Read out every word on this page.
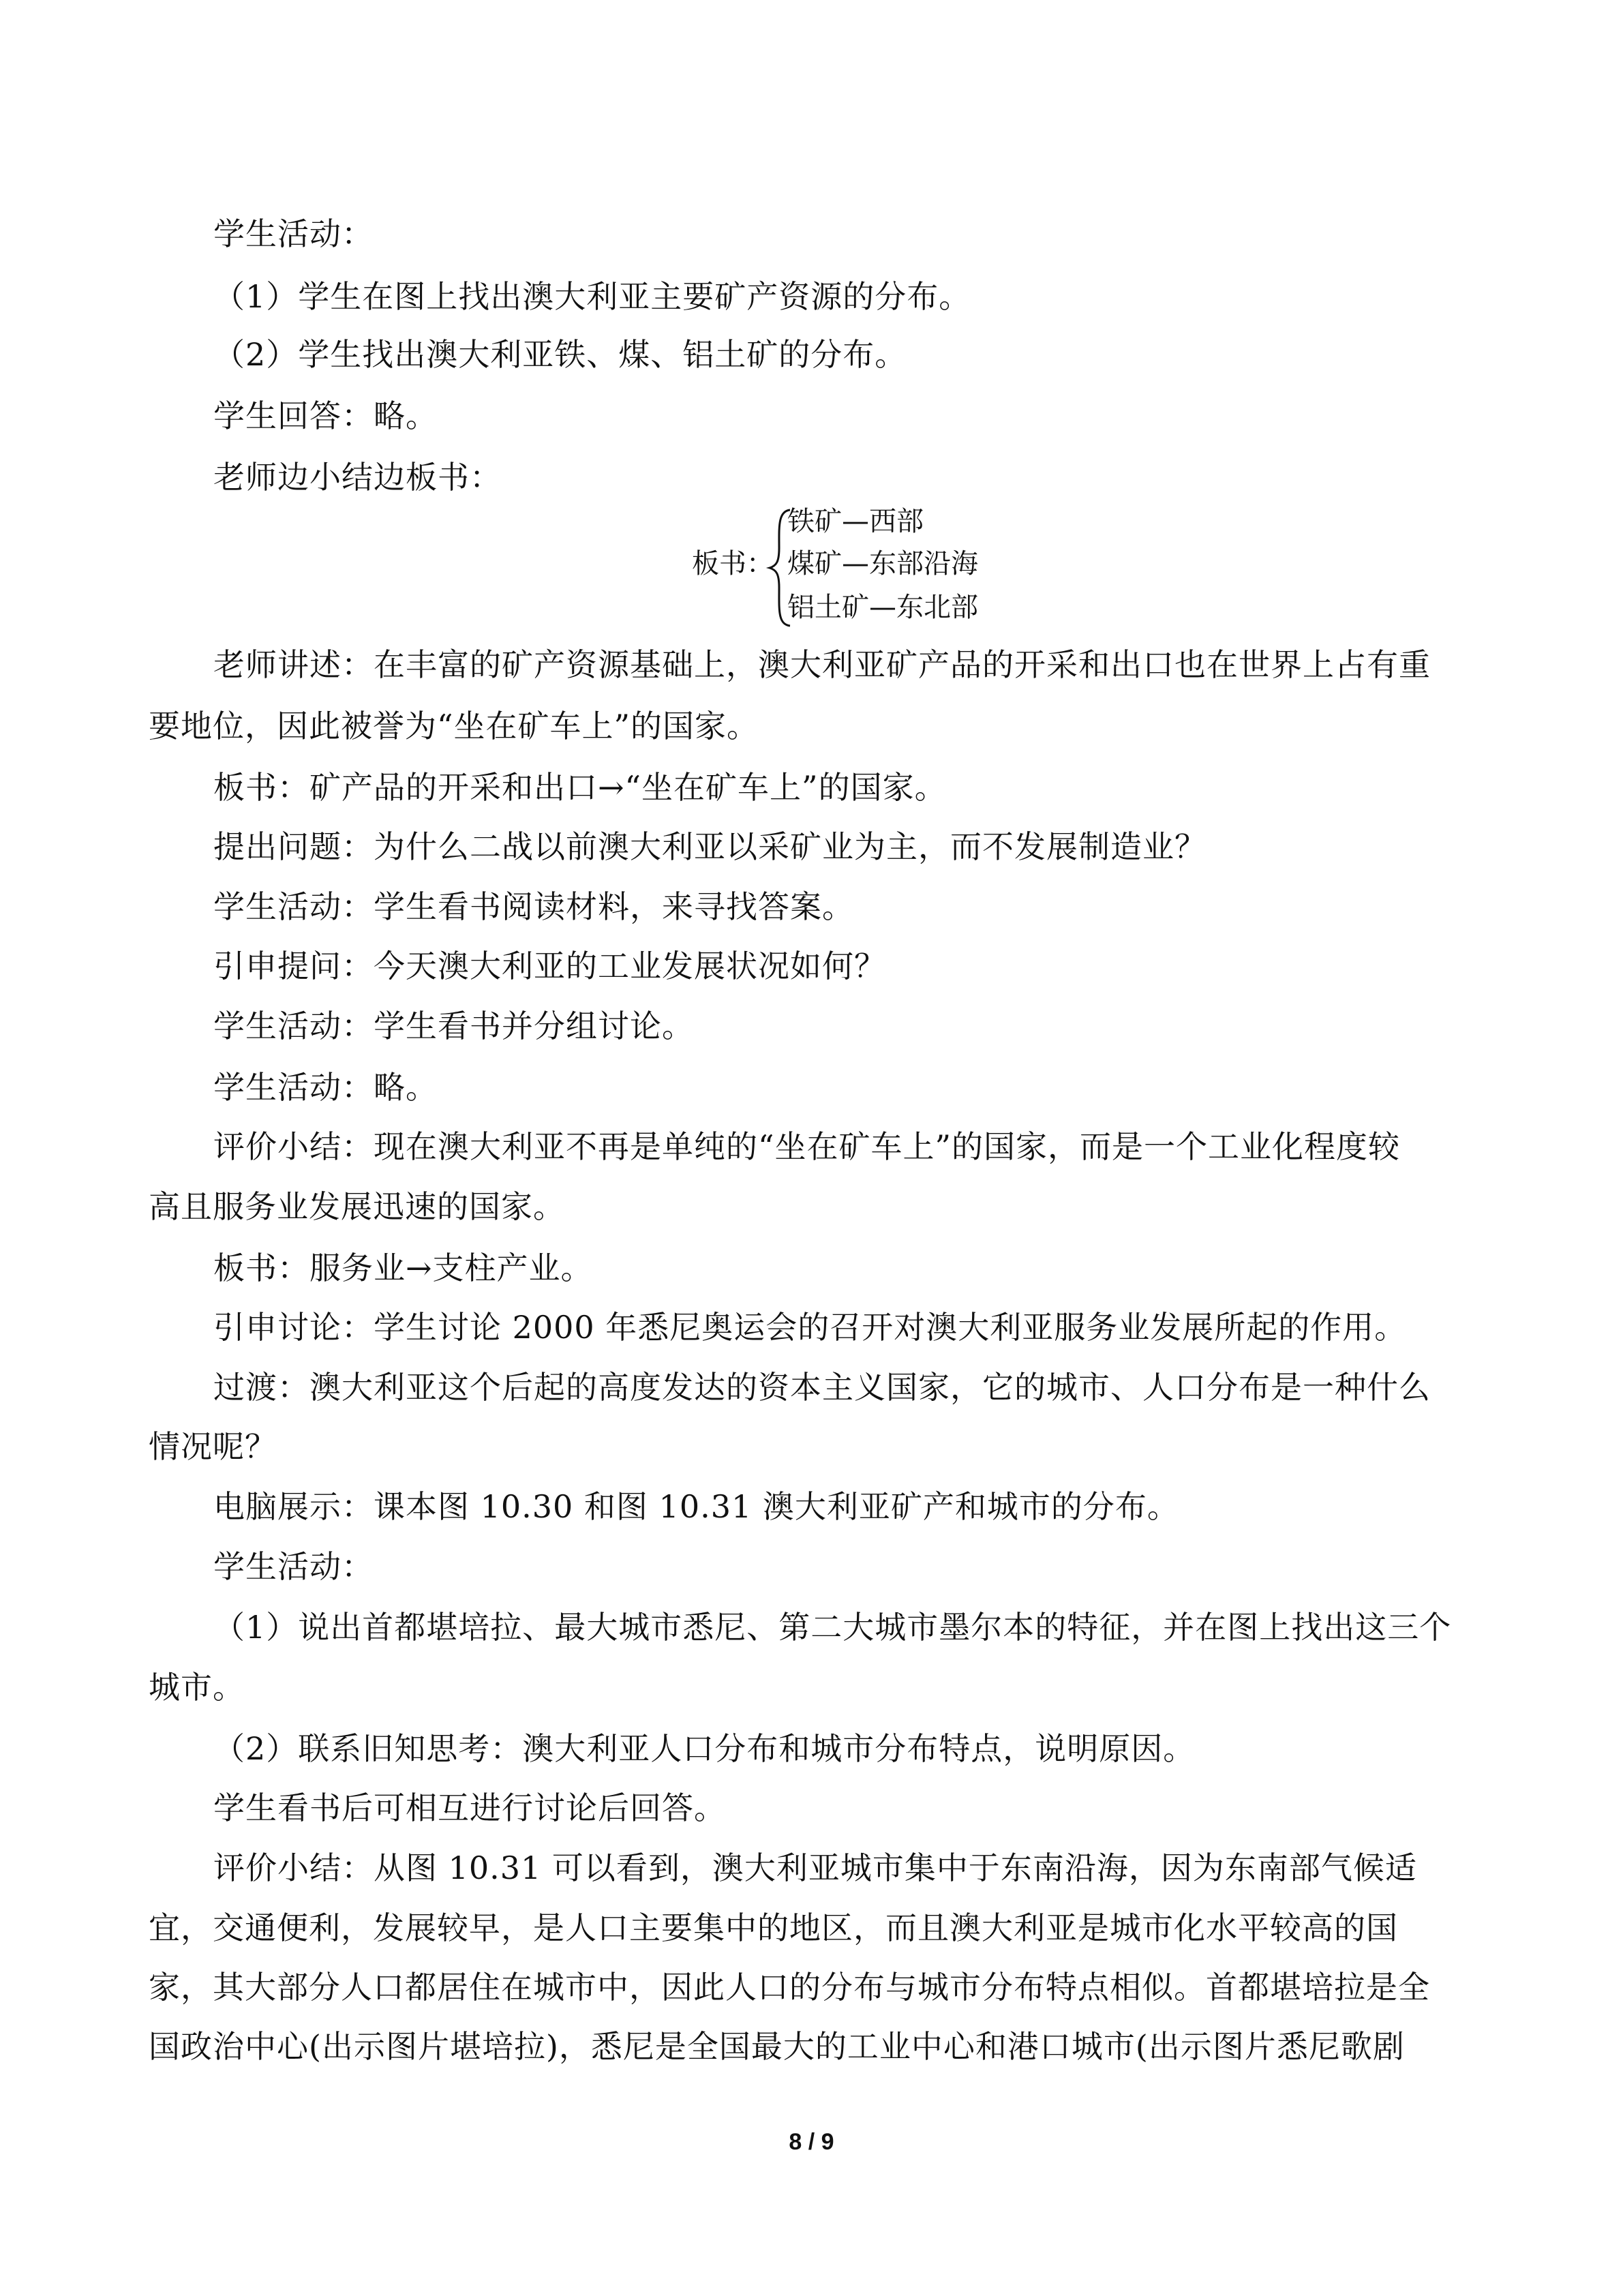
学生活动：
（1）学生在图上找出澳大利亚主要矿产资源的分布。
（2）学生找出澳大利亚铁、煤、铝土矿的分布。
学生回答：略。
老师边小结边板书：
板书：
铁矿—西部
煤矿—东部沿海
铝土矿—东北部
老师讲述：在丰富的矿产资源基础上，澳大利亚矿产品的开采和出口也在世界上占有重
要地位，因此被誉为“坐在矿车上”的国家。
板书：矿产品的开采和出口→“坐在矿车上”的国家。
提出问题：为什么二战以前澳大利亚以采矿业为主，而不发展制造业？
学生活动：学生看书阅读材料，来寻找答案。
引申提问：今天澳大利亚的工业发展状况如何？
学生活动：学生看书并分组讨论。
学生活动：略。
评价小结：现在澳大利亚不再是单纯的“坐在矿车上”的国家，而是一个工业化程度较
高且服务业发展迅速的国家。
板书：服务业→支柱产业。
引申讨论：学生讨论 2000 年悉尼奥运会的召开对澳大利亚服务业发展所起的作用。
过渡：澳大利亚这个后起的高度发达的资本主义国家，它的城市、人口分布是一种什么
情况呢？
电脑展示：课本图 10.30 和图 10.31 澳大利亚矿产和城市的分布。
学生活动：
（1）说出首都堪培拉、最大城市悉尼、第二大城市墨尔本的特征，并在图上找出这三个
城市。
（2）联系旧知思考：澳大利亚人口分布和城市分布特点，说明原因。
学生看书后可相互进行讨论后回答。
评价小结：从图 10.31 可以看到，澳大利亚城市集中于东南沿海，因为东南部气候适
宜，交通便利，发展较早，是人口主要集中的地区，而且澳大利亚是城市化水平较高的国
家，其大部分人口都居住在城市中，因此人口的分布与城市分布特点相似。首都堪培拉是全
国政治中心(出示图片堪培拉)，悉尼是全国最大的工业中心和港口城市(出示图片悉尼歌剧
8 / 9
